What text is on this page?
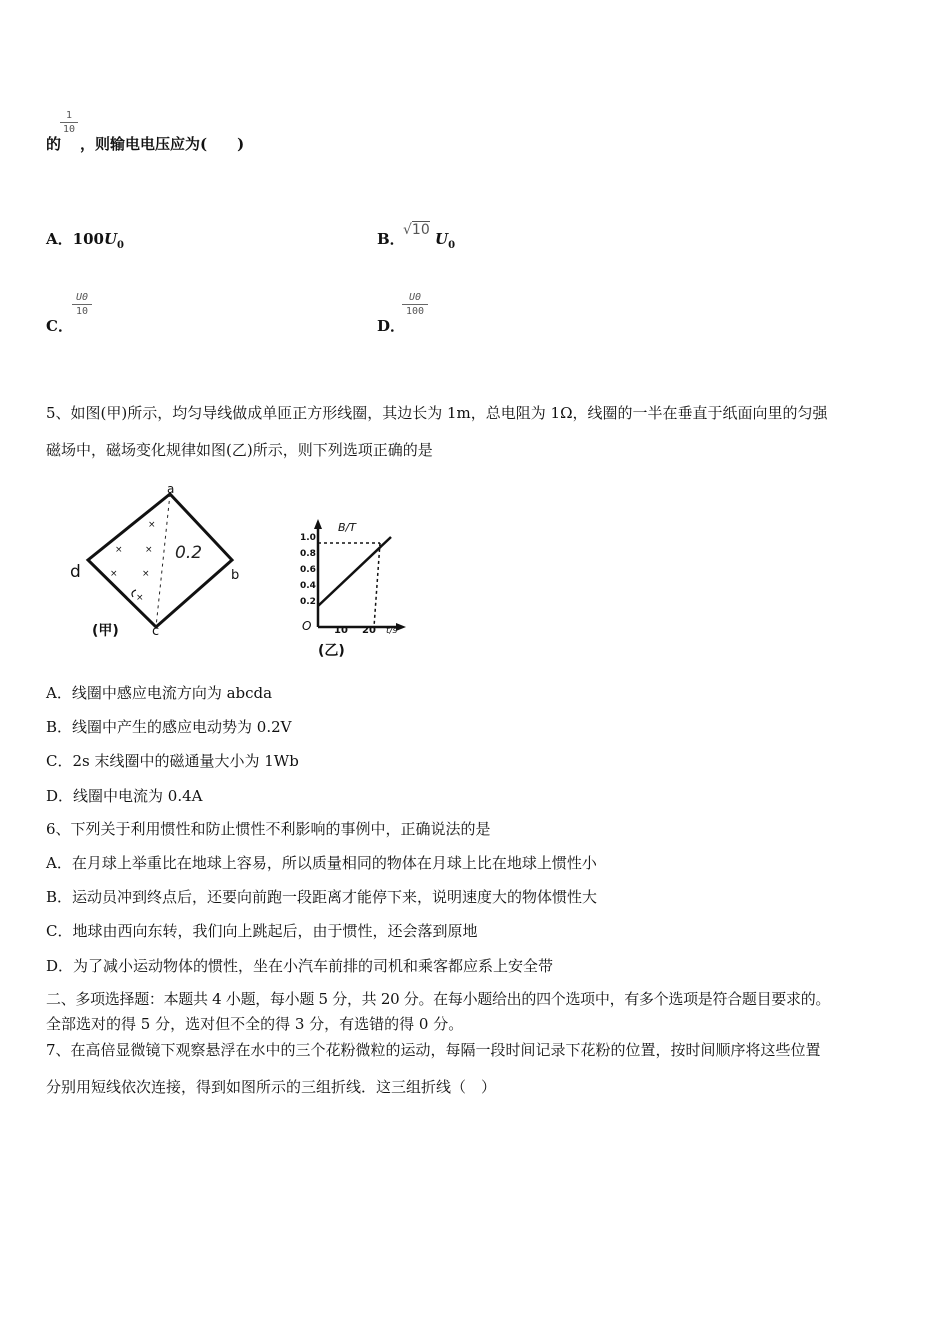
1
10
的 ，则输电电压应为(　　)
A．$100U_0$	B．
√10 $U_0$
C．
U0
10
D．
U0
100
5、如图(甲)所示，均匀导线做成单匝正方形线圈，其边长为 1m，总电阻为 1Ω，线圈的一半在垂直于纸面向里的匀强
磁场中，磁场变化规律如图(乙)所示，则下列选项正确的是
×
× ×
×	×
×
a
b
c
d
0.2
(甲)
B/T
1.0
0.8
0.6
0.4
0.2
O 10 20 t/s
(乙)
A．线圈中感应电流方向为 abcda
B．线圈中产生的感应电动势为 0.2V
C．2s 末线圈中的磁通量大小为 1Wb
D．线圈中电流为 0.4A
6、下列关于利用惯性和防止惯性不利影响的事例中，正确说法的是
A．在月球上举重比在地球上容易，所以质量相同的物体在月球上比在地球上惯性小
B．运动员冲到终点后，还要向前跑一段距离才能停下来，说明速度大的物体惯性大
C．地球由西向东转，我们向上跳起后，由于惯性，还会落到原地
D．为了减小运动物体的惯性，坐在小汽车前排的司机和乘客都应系上安全带
二、多项选择题：本题共 4 小题，每小题 5 分，共 20 分。在每小题给出的四个选项中，有多个选项是符合题目要求的。
全部选对的得 5 分，选对但不全的得 3 分，有选错的得 0 分。
7、在高倍显微镜下观察悬浮在水中的三个花粉微粒的运动，每隔一段时间记录下花粉的位置，按时间顺序将这些位置
分别用短线依次连接，得到如图所示的三组折线．这三组折线（　）
